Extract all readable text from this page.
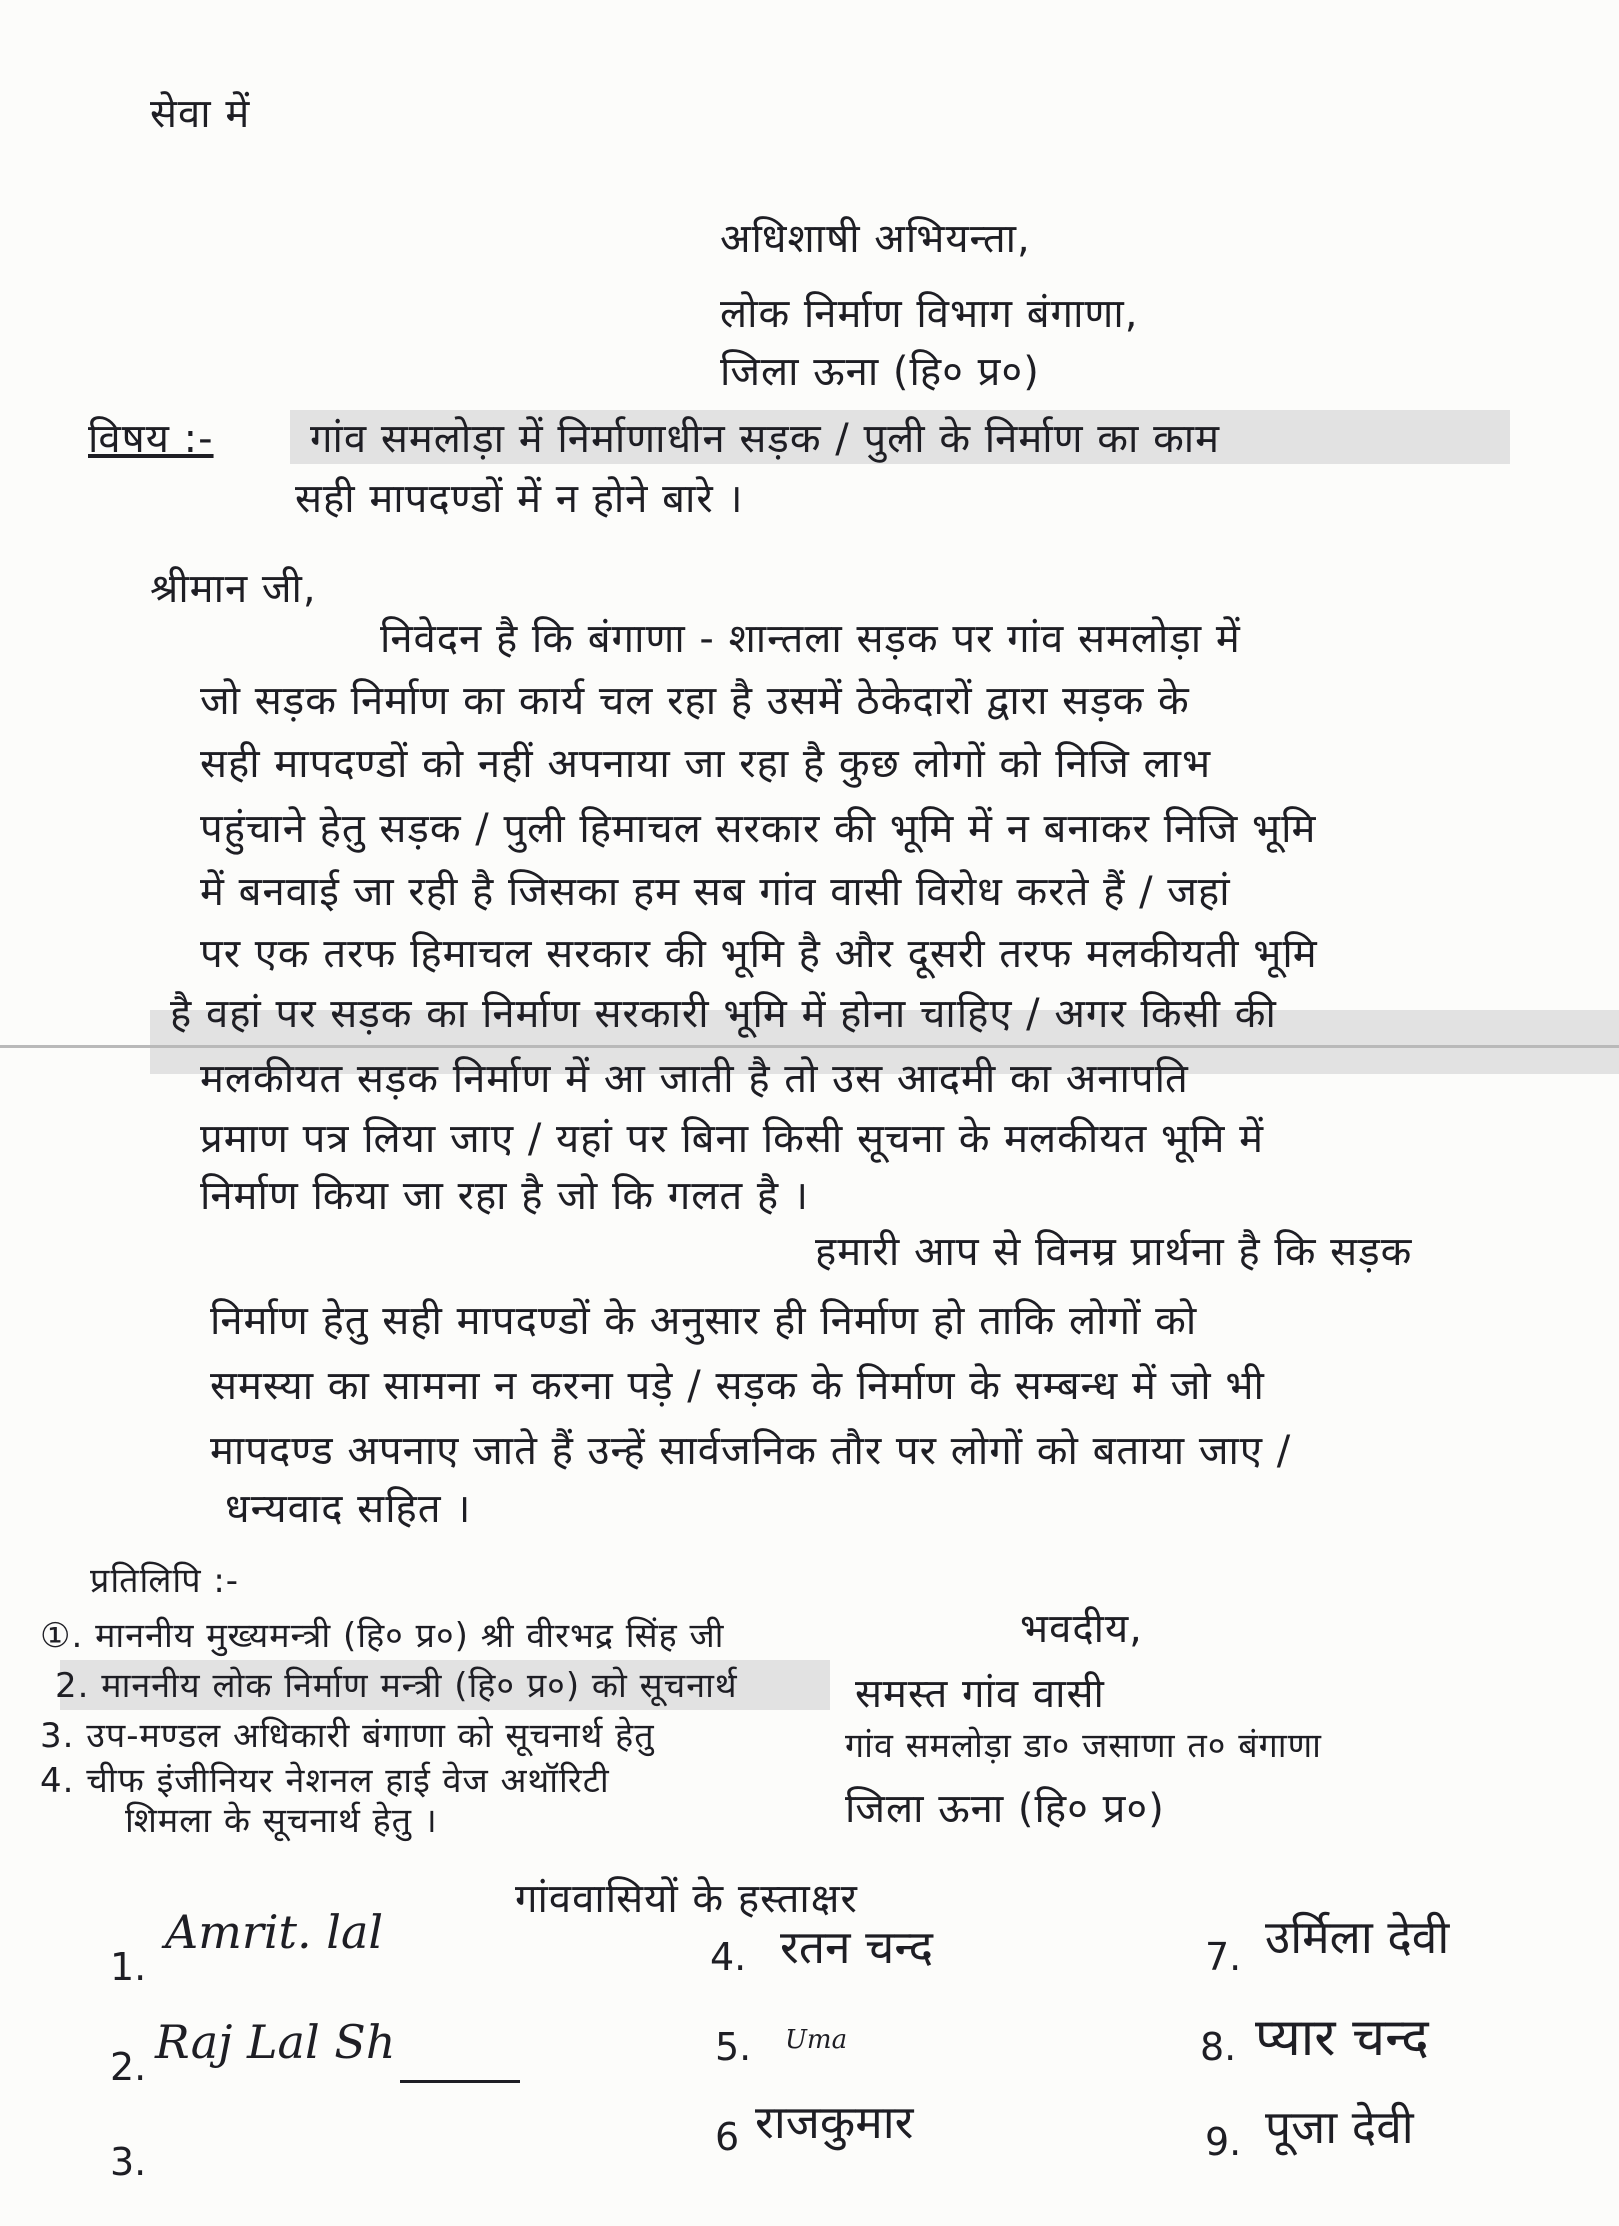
सेवा में
अधिशाषी अभियन्ता,
लोक निर्माण विभाग बंगाणा,
जिला ऊना (हि० प्र०)
विषय :- गांव समलोड़ा में निर्माणाधीन सड़क / पुली के निर्माण का काम
सही मापदण्डों में न होने बारे ।
श्रीमान जी,
निवेदन है कि बंगाणा - शान्तला सड़क पर गांव समलोड़ा में
जो सड़क निर्माण का कार्य चल रहा है उसमें ठेकेदारों द्वारा सड़क के
सही मापदण्डों को नहीं अपनाया जा रहा है कुछ लोगों को निजि लाभ
पहुंचाने हेतु सड़क / पुली हिमाचल सरकार की भूमि में न बनाकर निजि भूमि
में बनवाई जा रही है जिसका हम सब गांव वासी विरोध करते हैं / जहां
पर एक तरफ हिमाचल सरकार की भूमि है और दूसरी तरफ मलकीयती भूमि
है वहां पर सड़क का निर्माण सरकारी भूमि में होना चाहिए / अगर किसी की
मलकीयत सड़क निर्माण में आ जाती है तो उस आदमी का अनापति
प्रमाण पत्र लिया जाए / यहां पर बिना किसी सूचना के मलकीयत भूमि में
निर्माण किया जा रहा है जो कि गलत है ।
हमारी आप से विनम्र प्रार्थना है कि सड़क
निर्माण हेतु सही मापदण्डों के अनुसार ही निर्माण हो ताकि लोगों को
समस्या का सामना न करना पड़े / सड़क के निर्माण के सम्बन्ध में जो भी
मापदण्ड अपनाए जाते हैं उन्हें सार्वजनिक तौर पर लोगों को बताया जाए /
धन्यवाद सहित ।
प्रतिलिपि :-
①. माननीय मुख्यमन्त्री (हि० प्र०) श्री वीरभद्र सिंह जी
2. माननीय लोक निर्माण मन्त्री (हि० प्र०) को सूचनार्थ
3. उप-मण्डल अधिकारी बंगाणा को सूचनार्थ हेतु
4. चीफ इंजीनियर नेशनल हाई वेज अथॉरिटी
शिमला के सूचनार्थ हेतु ।
भवदीय,
समस्त गांव वासी
गांव समलोड़ा डा० जसाणा त० बंगाणा
जिला ऊना (हि० प्र०)
गांववासियों के हस्ताक्षर
1.
Amrit. lal
2. Raj Lal Sh
3.
4. रतन चन्द
5. Uma
6 राजकुमार
7. उर्मिला देवी
8. प्यार चन्द
9. पूजा देवी
